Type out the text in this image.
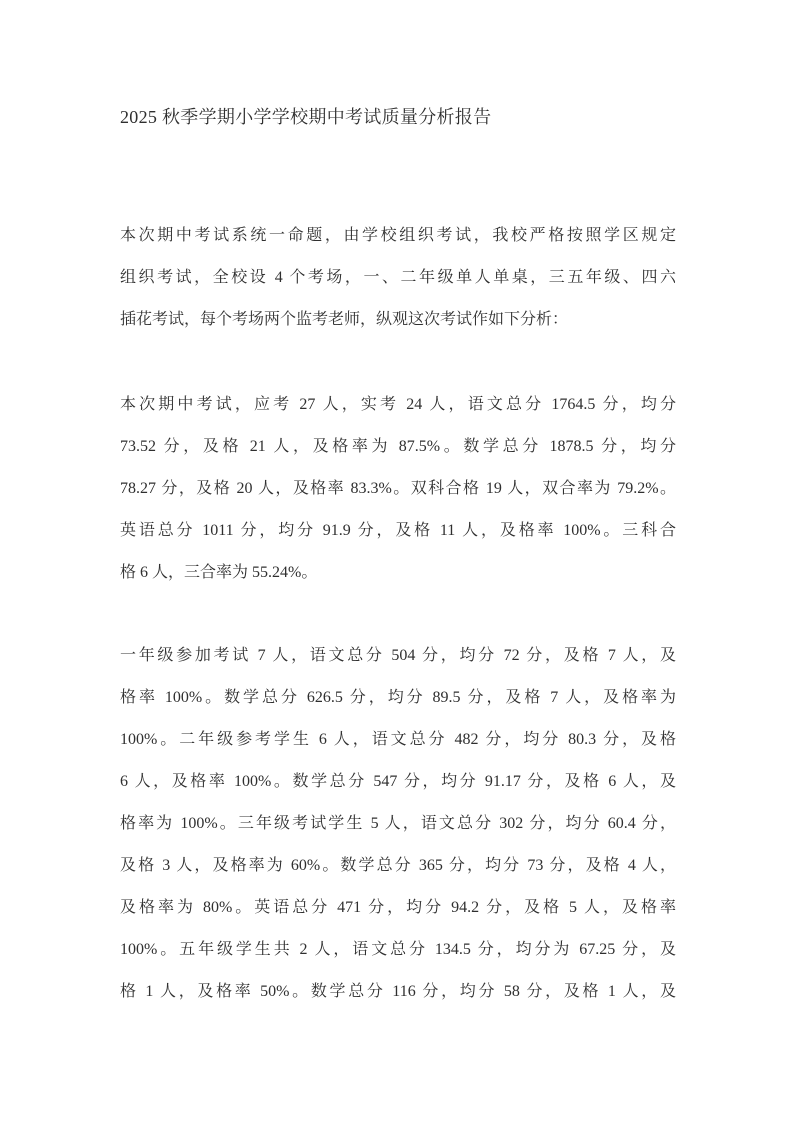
2025 秋季学期小学学校期中考试质量分析报告
本次期中考试系统一命题，由学校组织考试，我校严格按照学区规定
组织考试，全校设 4 个考场，一、二年级单人单桌，三五年级、四六
插花考试，每个考场两个监考老师，纵观这次考试作如下分析：
本次期中考试，应考 27 人，实考 24 人，语文总分 1764.5 分，均分
73.52 分，及格 21 人，及格率为 87.5%。数学总分 1878.5 分，均分
78.27 分，及格 20 人，及格率 83.3%。双科合格 19 人，双合率为 79.2%。
英语总分 1011 分，均分 91.9 分，及格 11 人，及格率 100%。三科合
格 6 人，三合率为 55.24%。
一年级参加考试 7 人，语文总分 504 分，均分 72 分，及格 7 人，及
格率 100%。数学总分 626.5 分，均分 89.5 分，及格 7 人，及格率为
100%。二年级参考学生 6 人，语文总分 482 分，均分 80.3 分，及格
6 人，及格率 100%。数学总分 547 分，均分 91.17 分，及格 6 人，及
格率为 100%。三年级考试学生 5 人，语文总分 302 分，均分 60.4 分，
及格 3 人，及格率为 60%。数学总分 365 分，均分 73 分，及格 4 人，
及格率为 80%。英语总分 471 分，均分 94.2 分，及格 5 人，及格率
100%。五年级学生共 2 人，语文总分 134.5 分，均分为 67.25 分，及
格 1 人，及格率 50%。数学总分 116 分，均分 58 分，及格 1 人，及
